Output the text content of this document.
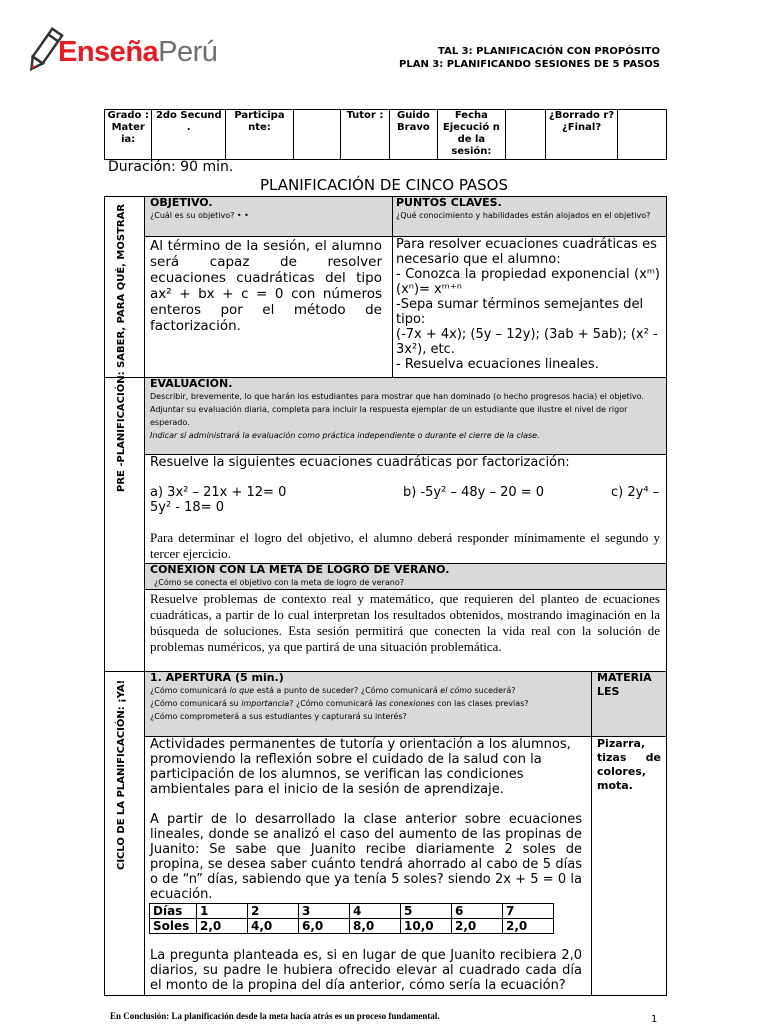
EnseñaPerú	TAL 3: PLANIFICACIÓN CON PROPÓSITO
PLAN 3: PLANIFICANDO SESIONES DE 5 PASOS
Grado : Mater ia:	2do Secund .	Participa nte:		Tutor :	Guido Bravo	Fecha Ejecució n de la sesión:		¿Borrado r? ¿Final?	
Duración: 90 min.
PLANIFICACIÓN DE CINCO PASOS
PRE -PLANIFICACIÓN: SABER, PARA QUÉ, MOSTRAR
CICLO DE LA PLANIFICACIÓN: ¡YA!
OBJETIVO.
¿Cuál es su objetivo? • •
Al término de la sesión, el alumno será capaz de resolver ecuaciones cuadráticas del tipo ax² + bx + c = 0 con números enteros por el método de factorización.
PUNTOS CLAVES.
¿Qué conocimiento y habilidades están alojados en el objetivo?
Para resolver ecuaciones cuadráticas es necesario que el alumno:
- Conozca la propiedad exponencial (xᵐ)(xⁿ)= xᵐ⁺ⁿ
-Sepa sumar términos semejantes del tipo:
(-7x + 4x); (5y – 12y); (3ab + 5ab); (x² - 3x²), etc.
- Resuelva ecuaciones lineales.
EVALUACIÓN.
Describir, brevemente, lo que harán los estudiantes para mostrar que han dominado (o hecho progresos hacia) el objetivo.
Adjuntar su evaluación diaria, completa para incluir la respuesta ejemplar de un estudiante que ilustre el nivel de rigor esperado.
Indicar si administrará la evaluación como práctica independiente o durante el cierre de la clase.
Resuelve la siguientes ecuaciones cuadráticas por factorización:
a) 3x² – 21x + 12= 0	b) -5y² – 48y – 20 = 0	c) 2y⁴ –
5y² - 18= 0
Para determinar el logro del objetivo, el alumno deberá responder mínimamente el segundo y tercer ejercicio.
CONEXIÓN CON LA META DE LOGRO DE VERANO.
¿Cómo se conecta el objetivo con la meta de logro de verano?
Resuelve problemas de contexto real y matemático, que requieren del planteo de ecuaciones cuadráticas, a partir de lo cual interpretan los resultados obtenidos, mostrando imaginación en la búsqueda de soluciones. Esta sesión permitirá que conecten la vida real con la solución de problemas numéricos, ya que partirá de una situación problemática.
1. APERTURA (5 min.)
¿Cómo comunicará lo que está a punto de suceder? ¿Cómo comunicará el cómo sucederá?
¿Cómo comunicará su importancia? ¿Cómo comunicará las conexiones con las clases previas?
¿Cómo comprometerá a sus estudiantes y capturará su interés?
Actividades permanentes de tutoría y orientación a los alumnos, promoviendo la reflexión sobre el cuidado de la salud con la participación de los alumnos, se verifican las condiciones ambientales para el inicio de la sesión de aprendizaje.
A partir de lo desarrollado la clase anterior sobre ecuaciones lineales, donde se analizó el caso del aumento de las propinas de Juanito: Se sabe que Juanito recibe diariamente 2 soles de propina, se desea saber cuánto tendrá ahorrado al cabo de 5 días o de “n” días, sabiendo que ya tenía 5 soles? siendo 2x + 5 = 0 la ecuación.
Días	1	2	3	4	5	6	7
Soles	2,0	4,0	6,0	8,0	10,0	2,0	2,0
La pregunta planteada es, si en lugar de que Juanito recibiera 2,0 diarios, su padre le hubiera ofrecido elevar al cuadrado cada día el monto de la propina del día anterior, cómo sería la ecuación?
MATERIA LES
Pizarra, tizas de colores, mota.
En Conclusión: La planificación desde la meta hacia atrás es un proceso fundamental.	1
